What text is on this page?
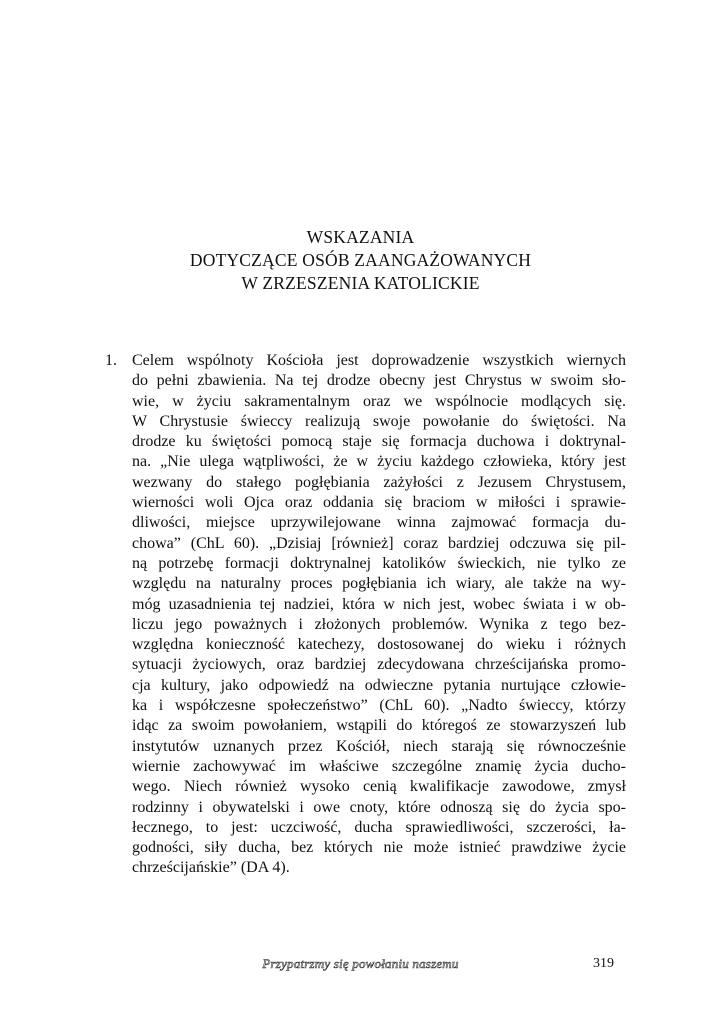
WSKAZANIA
DOTYCZĄCE OSÓB ZAANGAŻOWANYCH
W ZRZESZENIA KATOLICKIE
1. Celem wspólnoty Kościoła jest doprowadzenie wszystkich wiernych
do pełni zbawienia. Na tej drodze obecny jest Chrystus w swoim sło-
wie, w życiu sakramentalnym oraz we wspólnocie modlących się.
W Chrystusie świeccy realizują swoje powołanie do świętości. Na
drodze ku świętości pomocą staje się formacja duchowa i doktrynal-
na. „Nie ulega wątpliwości, że w życiu każdego człowieka, który jest
wezwany do stałego pogłębiania zażyłości z Jezusem Chrystusem,
wierności woli Ojca oraz oddania się braciom w miłości i sprawie-
dliwości, miejsce uprzywilejowane winna zajmować formacja du-
chowa” (ChL 60). „Dzisiaj [również] coraz bardziej odczuwa się pil-
ną potrzebę formacji doktrynalnej katolików świeckich, nie tylko ze
względu na naturalny proces pogłębiania ich wiary, ale także na wy-
móg uzasadnienia tej nadziei, która w nich jest, wobec świata i w ob-
liczu jego poważnych i złożonych problemów. Wynika z tego bez-
względna konieczność katechezy, dostosowanej do wieku i różnych
sytuacji życiowych, oraz bardziej zdecydowana chrześcijańska promo-
cja kultury, jako odpowiedź na odwieczne pytania nurtujące człowie-
ka i współczesne społeczeństwo” (ChL 60). „Nadto świeccy, którzy
idąc za swoim powołaniem, wstąpili do któregoś ze stowarzyszeń lub
instytutów uznanych przez Kościół, niech starają się równocześnie
wiernie zachowywać im właściwe szczególne znamię życia ducho-
wego. Niech również wysoko cenią kwalifikacje zawodowe, zmysł
rodzinny i obywatelski i owe cnoty, które odnoszą się do życia spo-
łecznego, to jest: uczciwość, ducha sprawiedliwości, szczerości, ła-
godności, siły ducha, bez których nie może istnieć prawdziwe życie
chrześcijańskie” (DA 4).
Przypatrzmy się powołaniu naszemu	319
